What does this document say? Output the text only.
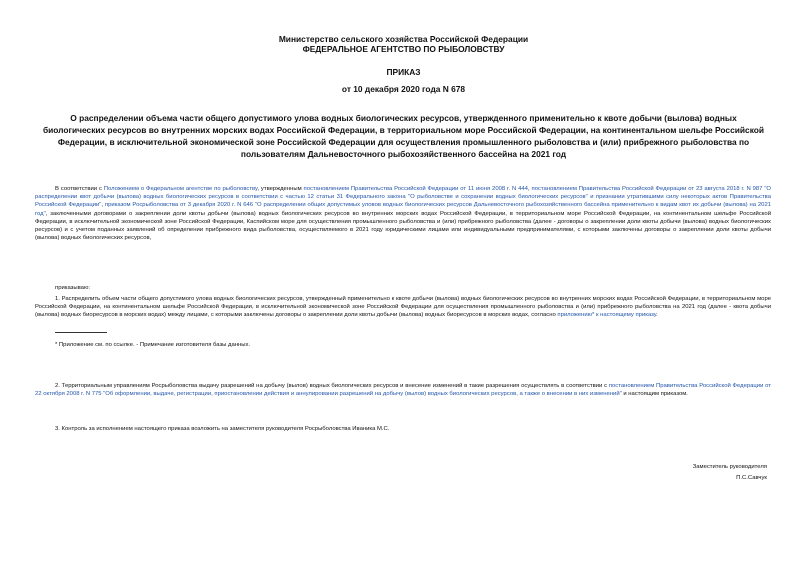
Министерство сельского хозяйства Российской Федерации
ФЕДЕРАЛЬНОЕ АГЕНТСТВО ПО РЫБОЛОВСТВУ
ПРИКАЗ
от 10 декабря 2020 года N 678
О распределении объема части общего допустимого улова водных биологических ресурсов, утвержденного применительно к квоте добычи (вылова) водных биологических ресурсов во внутренних морских водах Российской Федерации, в территориальном море Российской Федерации, на континентальном шельфе Российской Федерации, в исключительной экономической зоне Российской Федерации для осуществления промышленного рыболовства и (или) прибрежного рыболовства по пользователям Дальневосточного рыбохозяйственного бассейна на 2021 год
В соответствии с Положением о Федеральном агентстве по рыболовству, утвержденным постановлением Правительства Российской Федерации от 11 июня 2008 г. N 444, постановлением Правительства Российской Федерации от 23 августа 2018 г. N 987 "О распределении квот добычи (вылова) водных биологических ресурсов в соответствии с частью 12 статьи 31 Федерального закона "О рыболовстве и сохранении водных биологических ресурсов" и признании утратившими силу некоторых актов Правительства Российской Федерации", приказом Росрыболовства от 3 декабря 2020 г. N 646 "О распределении общих допустимых уловов водных биологических ресурсов Дальневосточного рыбохозяйственного бассейна применительно к видам квот их добычи (вылова) на 2021 год", заключенными договорами о закреплении доли квоты добычи (вылова) водных биологических ресурсов во внутренних морских водах Российской Федерации, в территориальном море Российской Федерации, на континентальном шельфе Российской Федерации, в исключительной экономической зоне Российской Федерации, Каспийском море для осуществления промышленного рыболовства и (или) прибрежного рыболовства (далее - договоры о закреплении доли квоты добычи (вылова) водных биологических ресурсов) и с учетом поданных заявлений об определении прибрежного вида рыболовства, осуществляемого в 2021 году юридическими лицами или индивидуальными предпринимателями, с которыми заключены договоры о закреплении доли квоты добычи (вылова) водных биологических ресурсов,
приказываю:
1. Распределить объем части общего допустимого улова водных биологических ресурсов, утвержденный применительно к квоте добычи (вылова) водных биологических ресурсов во внутренних морских водах Российской Федерации, в территориальном море Российской Федерации, на континентальном шельфе Российской Федерации, в исключительной экономической зоне Российской Федерации для осуществления промышленного рыболовства и (или) прибрежного рыболовства на 2021 год (далее - квота добычи (вылова) водных биоресурсов в морских водах) между лицами, с которыми заключены договоры о закреплении доли квоты добычи (вылова) водных биоресурсов в морских водах, согласно приложению* к настоящему приказу.
* Приложение см. по ссылке. - Примечание изготовителя базы данных.
2. Территориальным управлениям Росрыболовства выдачу разрешений на добычу (вылов) водных биологических ресурсов и внесение изменений в такие разрешения осуществлять в соответствии с постановлением Правительства Российской Федерации от 22 октября 2008 г. N 775 "Об оформлении, выдаче, регистрации, приостановлении действия и аннулировании разрешений на добычу (вылов) водных биологических ресурсов, а также о внесении в них изменений" и настоящим приказом.
3. Контроль за исполнением настоящего приказа возложить на заместителя руководителя Росрыболовства Иваника М.С.
Заместитель руководителя
П.С.Савчук
